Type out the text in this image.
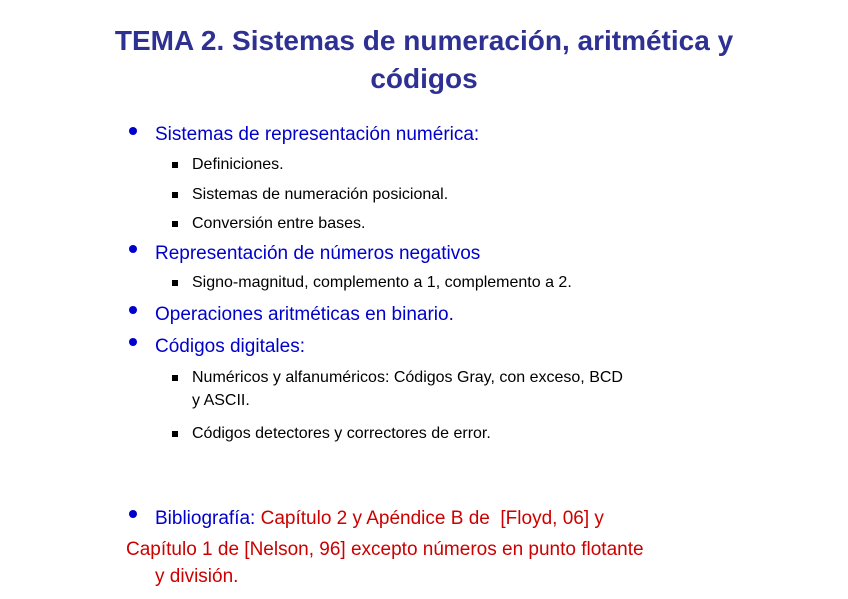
TEMA 2. Sistemas de numeración, aritmética y
códigos
Sistemas de representación numérica:
Definiciones.
Sistemas de numeración posicional.
Conversión entre bases.
Representación de números negativos
Signo-magnitud, complemento a 1, complemento a 2.
Operaciones aritméticas en binario.
Códigos digitales:
Numéricos y alfanuméricos: Códigos Gray, con exceso, BCD
y ASCII.
Códigos detectores y correctores de error.
Bibliografía: Capítulo 2 y Apéndice B de  [Floyd, 06] y
Capítulo 1 de [Nelson, 96] excepto números en punto flotante
y división.
